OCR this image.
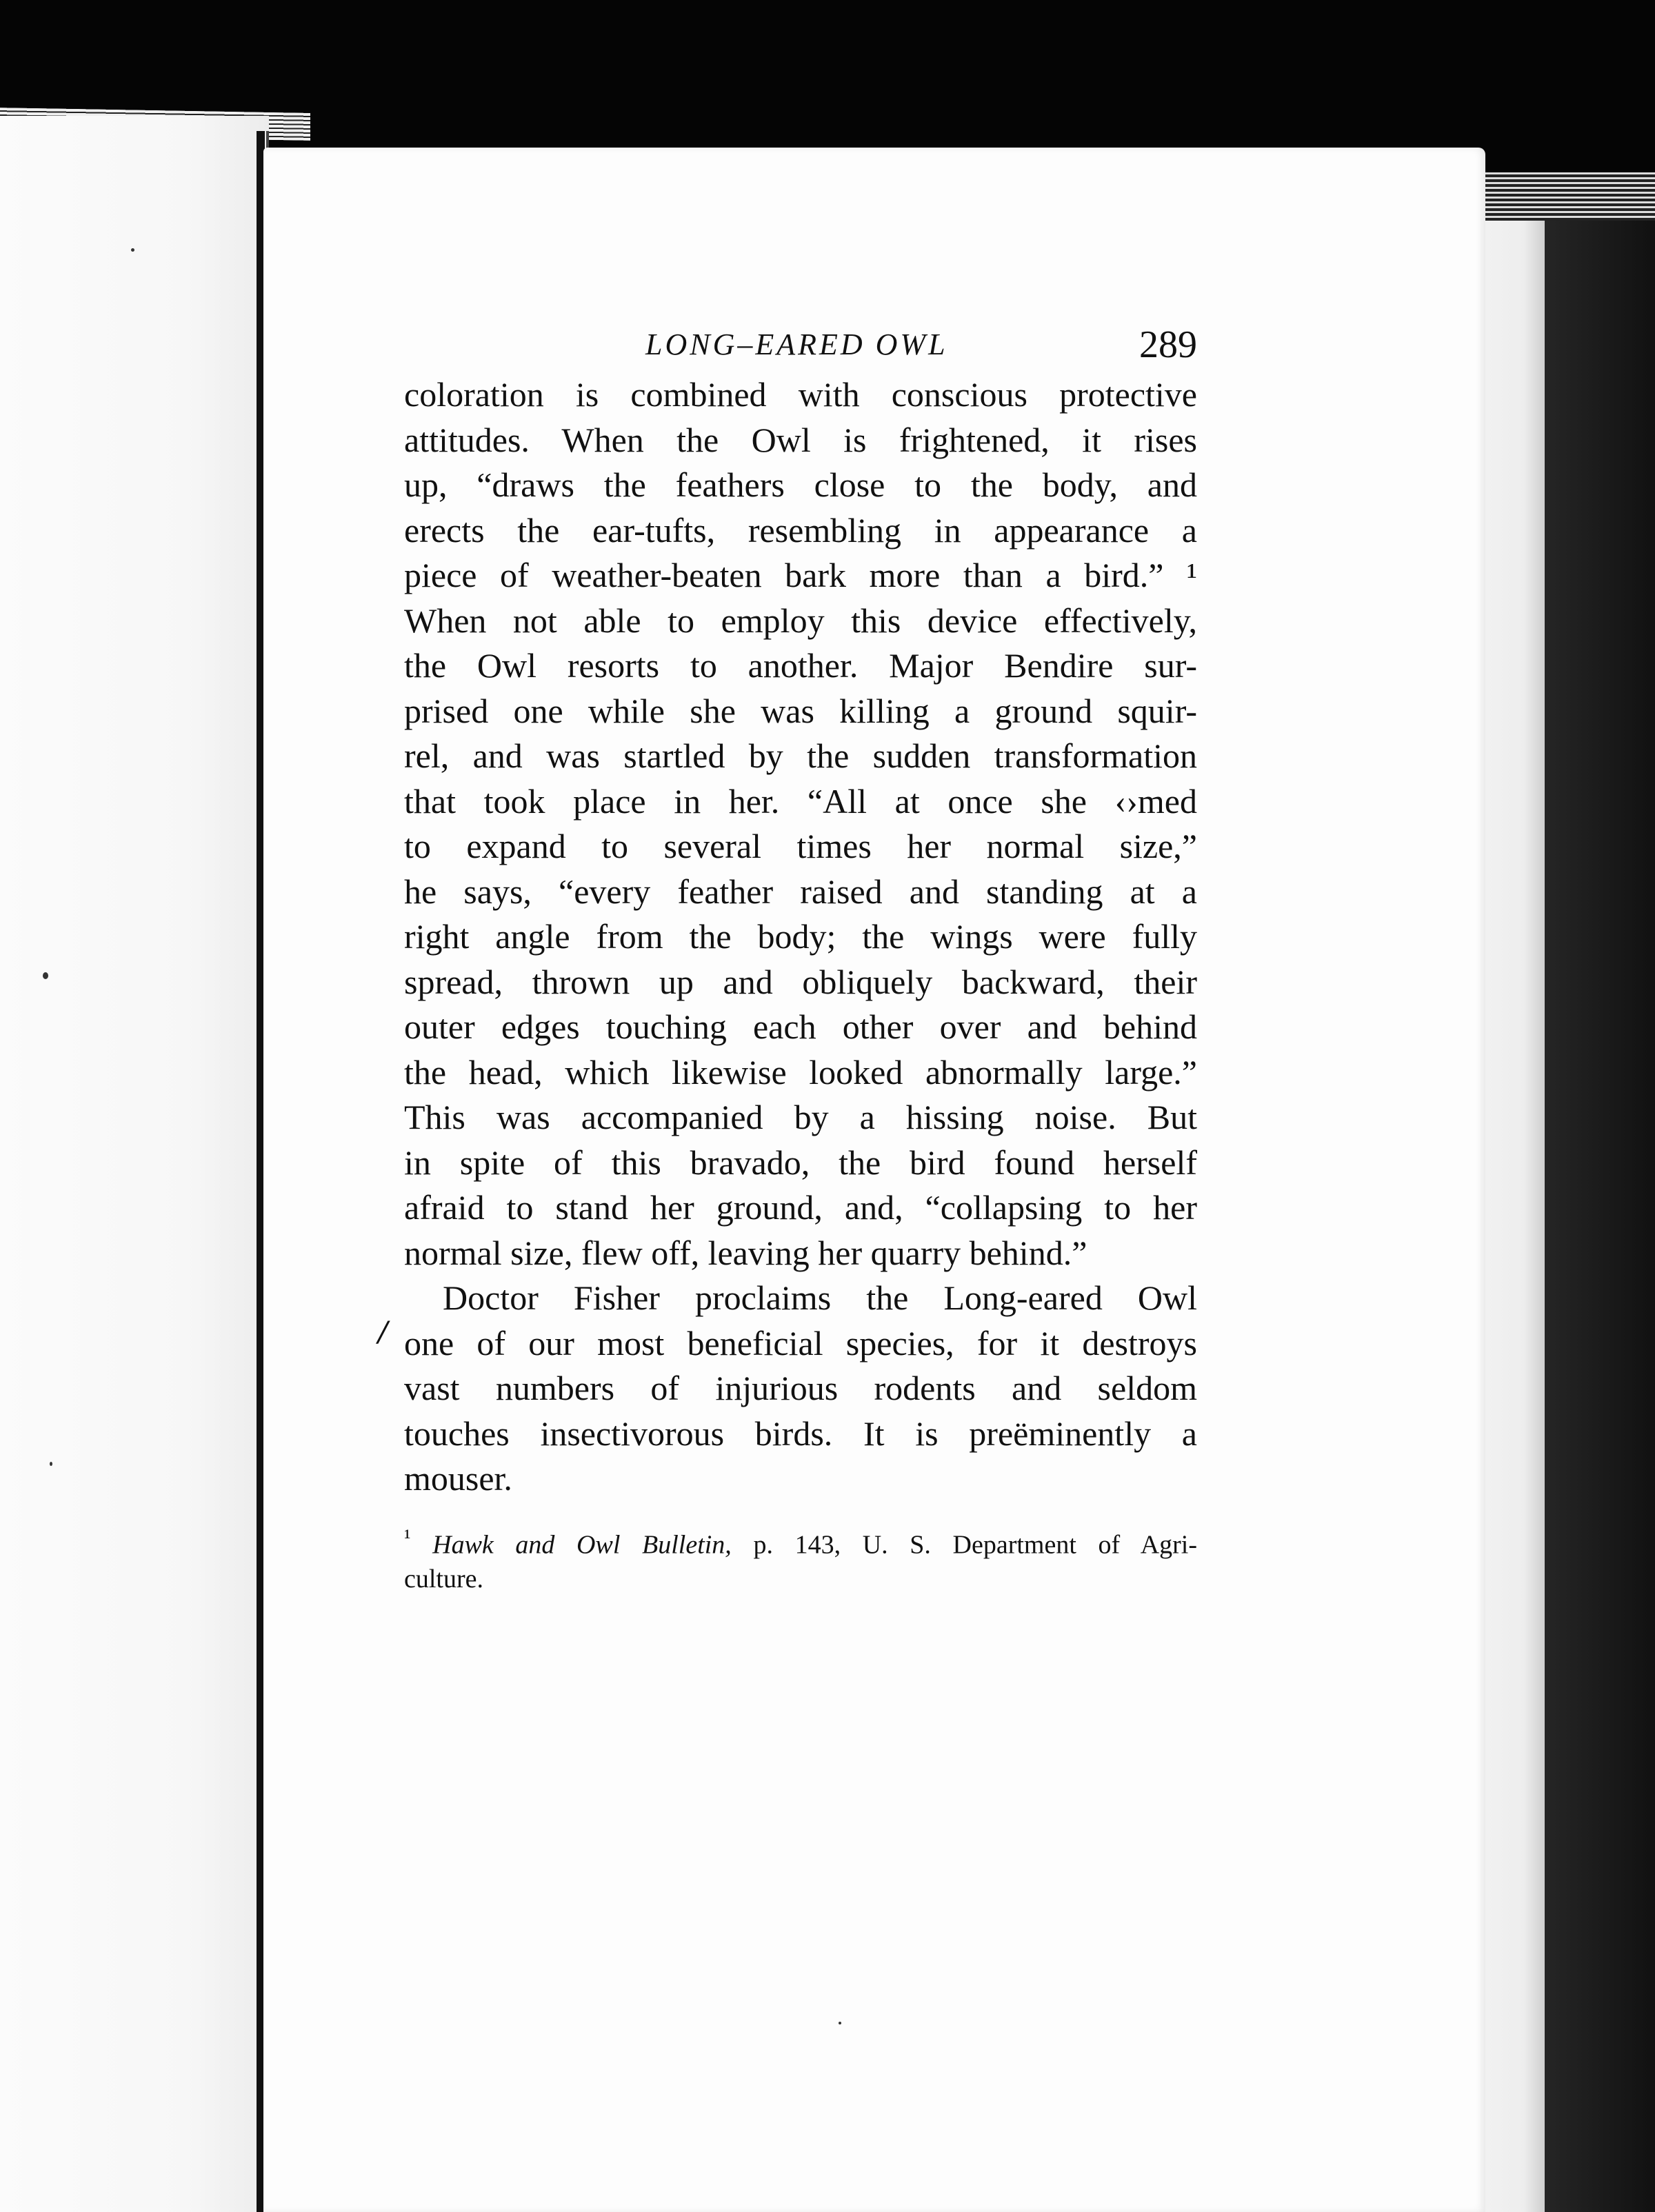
/
LONG–EARED OWL	289
coloration is combined with conscious protective
attitudes. When the Owl is frightened, it rises
up, “draws the feathers close to the body, and
erects the ear-tufts, resembling in appearance a
piece of weather-beaten bark more than a bird.” ¹
When not able to employ this device effectively,
the Owl resorts to another. Major Bendire sur-
prised one while she was killing a ground squir-
rel, and was startled by the sudden transformation
that took place in her. “All at once she ‹›med
to expand to several times her normal size,”
he says, “every feather raised and standing at a
right angle from the body; the wings were fully
spread, thrown up and obliquely backward, their
outer edges touching each other over and behind
the head, which likewise looked abnormally large.”
This was accompanied by a hissing noise. But
in spite of this bravado, the bird found herself
afraid to stand her ground, and, “collapsing to her
normal size, flew off, leaving her quarry behind.”
Doctor Fisher proclaims the Long-eared Owl
one of our most beneficial species, for it destroys
vast numbers of injurious rodents and seldom
touches insectivorous birds. It is preëminently a
mouser.
$^{^1}$ Hawk and Owl Bulletin, p. 143, U. S. Department of Agri-
culture.
